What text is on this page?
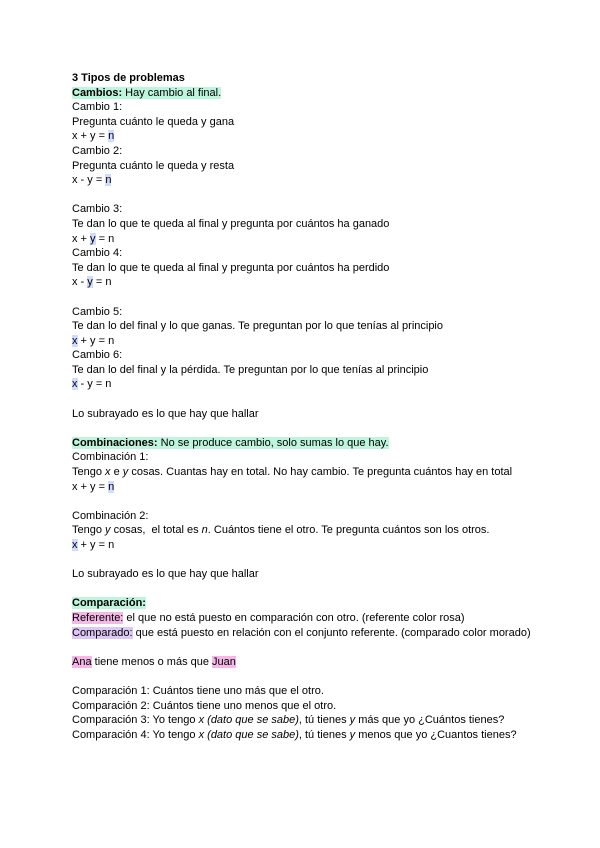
3 Tipos de problemas
Cambios: Hay cambio al final.
Cambio 1:
Pregunta cuánto le queda y gana
x + y = n
Cambio 2:
Pregunta cuánto le queda y resta
x - y = n
Cambio 3:
Te dan lo que te queda al final y pregunta por cuántos ha ganado
x + y = n
Cambio 4:
Te dan lo que te queda al final y pregunta por cuántos ha perdido
x - y = n
Cambio 5:
Te dan lo del final y lo que ganas. Te preguntan por lo que tenías al principio
x + y = n
Cambio 6:
Te dan lo del final y la pérdida. Te preguntan por lo que tenías al principio
x - y = n
Lo subrayado es lo que hay que hallar
Combinaciones: No se produce cambio, solo sumas lo que hay.
Combinación 1:
Tengo x e y cosas. Cuantas hay en total. No hay cambio. Te pregunta cuántos hay en total
x + y = n
Combinación 2:
Tengo y cosas,  el total es n. Cuántos tiene el otro. Te pregunta cuántos son los otros.
x + y = n
Lo subrayado es lo que hay que hallar
Comparación:
Referente: el que no está puesto en comparación con otro. (referente color rosa)
Comparado: que está puesto en relación con el conjunto referente. (comparado color morado)
Ana tiene menos o más que Juan
Comparación 1: Cuántos tiene uno más que el otro.
Comparación 2: Cuántos tiene uno menos que el otro.
Comparación 3: Yo tengo x (dato que se sabe), tú tienes y más que yo ¿Cuántos tienes?
Comparación 4: Yo tengo x (dato que se sabe), tú tienes y menos que yo ¿Cuantos tienes?
